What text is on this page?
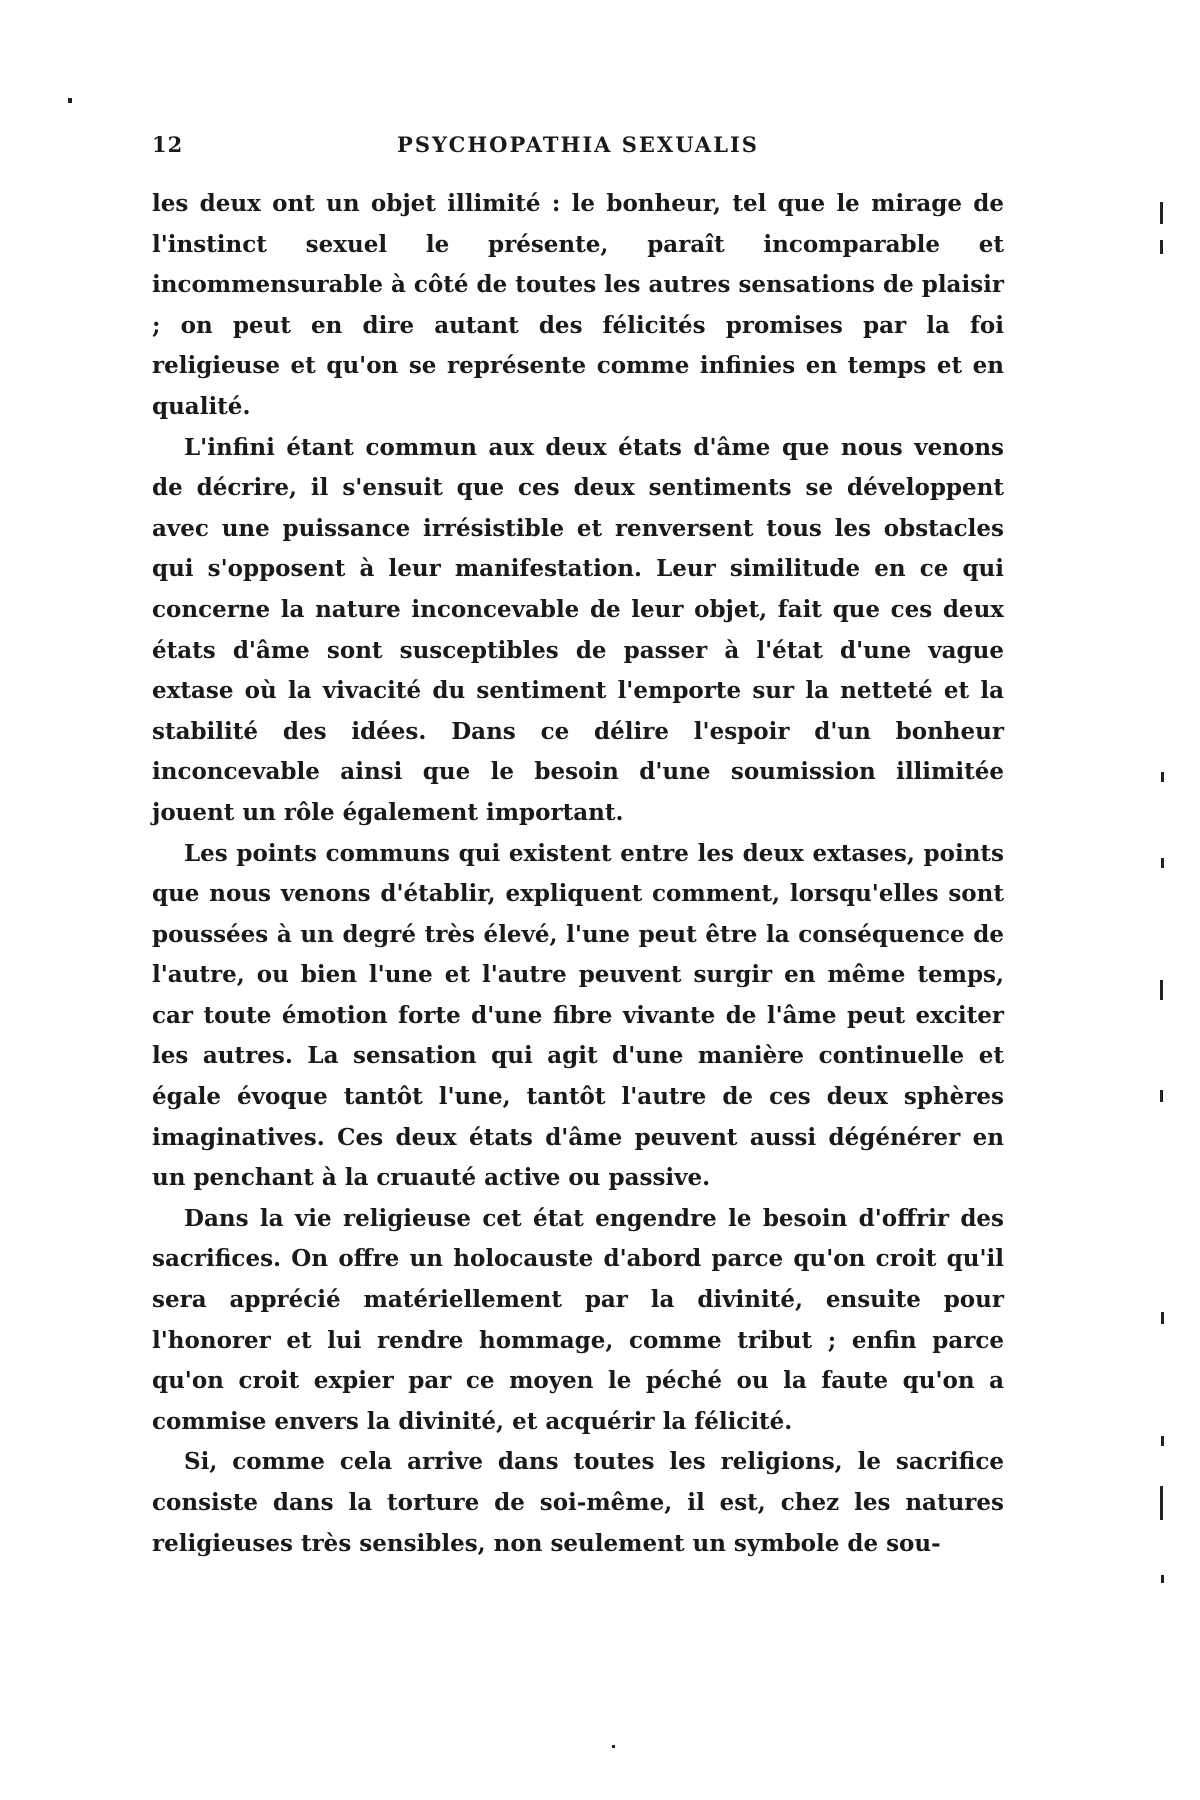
12	PSYCHOPATHIA SEXUALIS

les deux ont un objet illimité : le bonheur, tel que le mirage de l'instinct sexuel le présente, paraît incomparable et incommensurable à côté de toutes les autres sensations de plaisir ; on peut en dire autant des félicités promises par la foi religieuse et qu'on se représente comme infinies en temps et en qualité.

L'infini étant commun aux deux états d'âme que nous venons de décrire, il s'ensuit que ces deux sentiments se développent avec une puissance irrésistible et renversent tous les obstacles qui s'opposent à leur manifestation. Leur similitude en ce qui concerne la nature inconcevable de leur objet, fait que ces deux états d'âme sont susceptibles de passer à l'état d'une vague extase où la vivacité du sentiment l'emporte sur la netteté et la stabilité des idées. Dans ce délire l'espoir d'un bonheur inconcevable ainsi que le besoin d'une soumission illimitée jouent un rôle également important.

Les points communs qui existent entre les deux extases, points que nous venons d'établir, expliquent comment, lorsqu'elles sont poussées à un degré très élevé, l'une peut être la conséquence de l'autre, ou bien l'une et l'autre peuvent surgir en même temps, car toute émotion forte d'une fibre vivante de l'âme peut exciter les autres. La sensation qui agit d'une manière continuelle et égale évoque tantôt l'une, tantôt l'autre de ces deux sphères imaginatives. Ces deux états d'âme peuvent aussi dégénérer en un penchant à la cruauté active ou passive.

Dans la vie religieuse cet état engendre le besoin d'offrir des sacrifices. On offre un holocauste d'abord parce qu'on croit qu'il sera apprécié matériellement par la divinité, ensuite pour l'honorer et lui rendre hommage, comme tribut ; enfin parce qu'on croit expier par ce moyen le péché ou la faute qu'on a commise envers la divinité, et acquérir la félicité.

Si, comme cela arrive dans toutes les religions, le sacrifice consiste dans la torture de soi-même, il est, chez les natures religieuses très sensibles, non seulement un symbole de sou-
